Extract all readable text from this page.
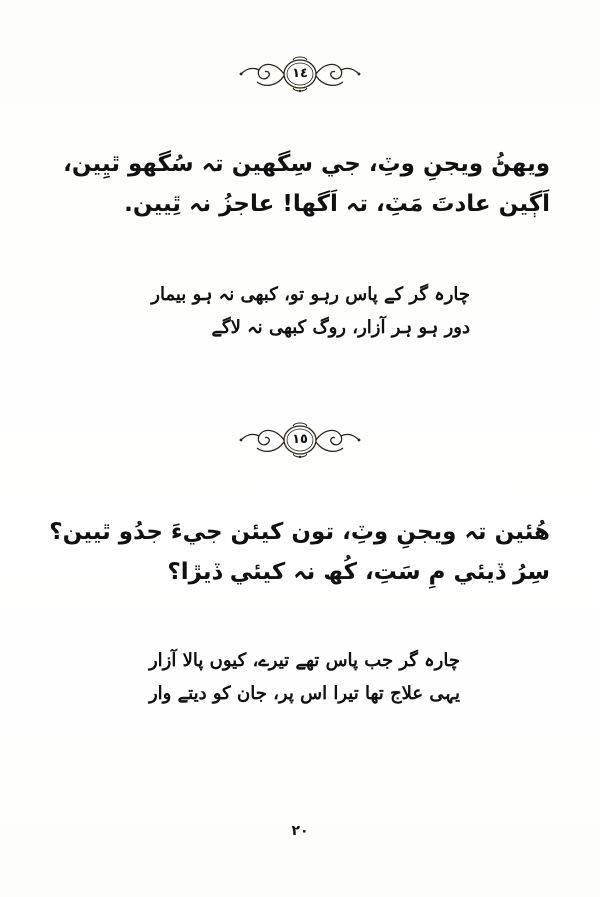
١٤
ويھڻُ ويجنِ وٽِ، جي سِگھين تہ سُگھو ٿيِين،
اَڳين عادتَ مَٽِ، تہ اَگھا! عاجزُ نہ ٿِيين.
چارہ گر کے پاس رہو تو، کبھی نہ ہو بیمار
دور ہو ہر آزار، روگ کبھی نہ لاگے
١٥
ھُئين تہ ويجنِ وٽِ، تون کيئن جيءَ جدُو ٿيين؟
سِرُ ڏيئي مِ سَتِ، کُھ نہ کيئي ڏيڙا؟
چارہ گر جب پاس تھے تیرے، کیوں پالا آزار
یہی علاج تھا تیرا اس پر، جان کو دیتے وار
٢٠
